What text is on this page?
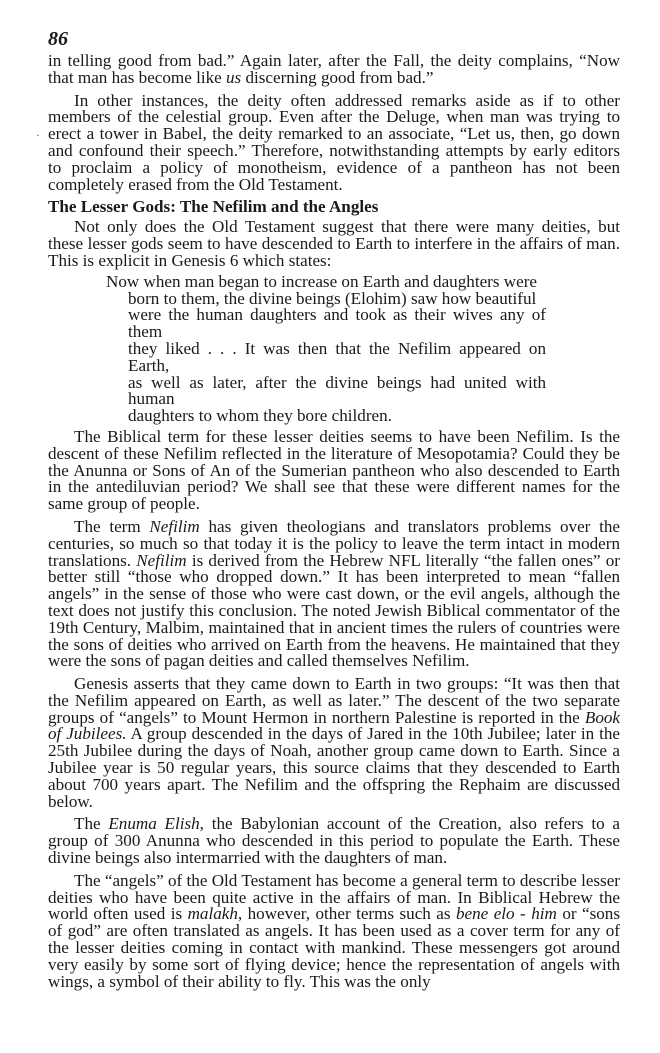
·
86

in telling good from bad.” Again later, after the Fall, the deity complains, “Now that man has become like us discerning good from bad.”

In other instances, the deity often addressed remarks aside as if to other members of the celestial group. Even after the Deluge, when man was trying to erect a tower in Babel, the deity remarked to an associate, “Let us, then, go down and confound their speech.” Therefore, notwithstanding attempts by early editors to proclaim a policy of monotheism, evidence of a pantheon has not been completely erased from the Old Testament.

The Lesser Gods: The Nefilim and the Angles

Not only does the Old Testament suggest that there were many deities, but these lesser gods seem to have descended to Earth to interfere in the affairs of man. This is explicit in Genesis 6 which states:

Now when man began to increase on Earth and daughters were
born to them, the divine beings (Elohim) saw how beautiful
were the human daughters and took as their wives any of them
they liked . . . It was then that the Nefilim appeared on Earth,
as well as later, after the divine beings had united with human
daughters to whom they bore children.

The Biblical term for these lesser deities seems to have been Nefilim. Is the descent of these Nefilim reflected in the literature of Mesopotamia? Could they be the Anunna or Sons of An of the Sumerian pantheon who also descended to Earth in the antediluvian period? We shall see that these were different names for the same group of people.

The term Nefilim has given theologians and translators problems over the centuries, so much so that today it is the policy to leave the term intact in modern translations. Nefilim is derived from the Hebrew NFL literally “the fallen ones” or better still “those who dropped down.” It has been interpreted to mean “fallen angels” in the sense of those who were cast down, or the evil angels, although the text does not justify this conclusion. The noted Jewish Biblical commentator of the 19th Century, Malbim, maintained that in ancient times the rulers of countries were the sons of deities who arrived on Earth from the heavens. He maintained that they were the sons of pagan deities and called themselves Nefilim.

Genesis asserts that they came down to Earth in two groups: “It was then that the Nefilim appeared on Earth, as well as later.” The descent of the two separate groups of “angels” to Mount Hermon in northern Palestine is reported in the Book of Jubilees. A group descended in the days of Jared in the 10th Jubilee; later in the 25th Jubilee during the days of Noah, another group came down to Earth. Since a Jubilee year is 50 regular years, this source claims that they descended to Earth about 700 years apart. The Nefilim and the offspring the Rephaim are discussed below.

The Enuma Elish, the Babylonian account of the Creation, also refers to a group of 300 Anunna who descended in this period to populate the Earth. These divine beings also intermarried with the daughters of man.

The “angels” of the Old Testament has become a general term to describe lesser deities who have been quite active in the affairs of man. In Biblical Hebrew the world often used is malakh, however, other terms such as bene elo - him or “sons of god” are often translated as angels. It has been used as a cover term for any of the lesser deities coming in contact with mankind. These messengers got around very easily by some sort of flying device; hence the representation of angels with wings, a symbol of their ability to fly. This was the only
